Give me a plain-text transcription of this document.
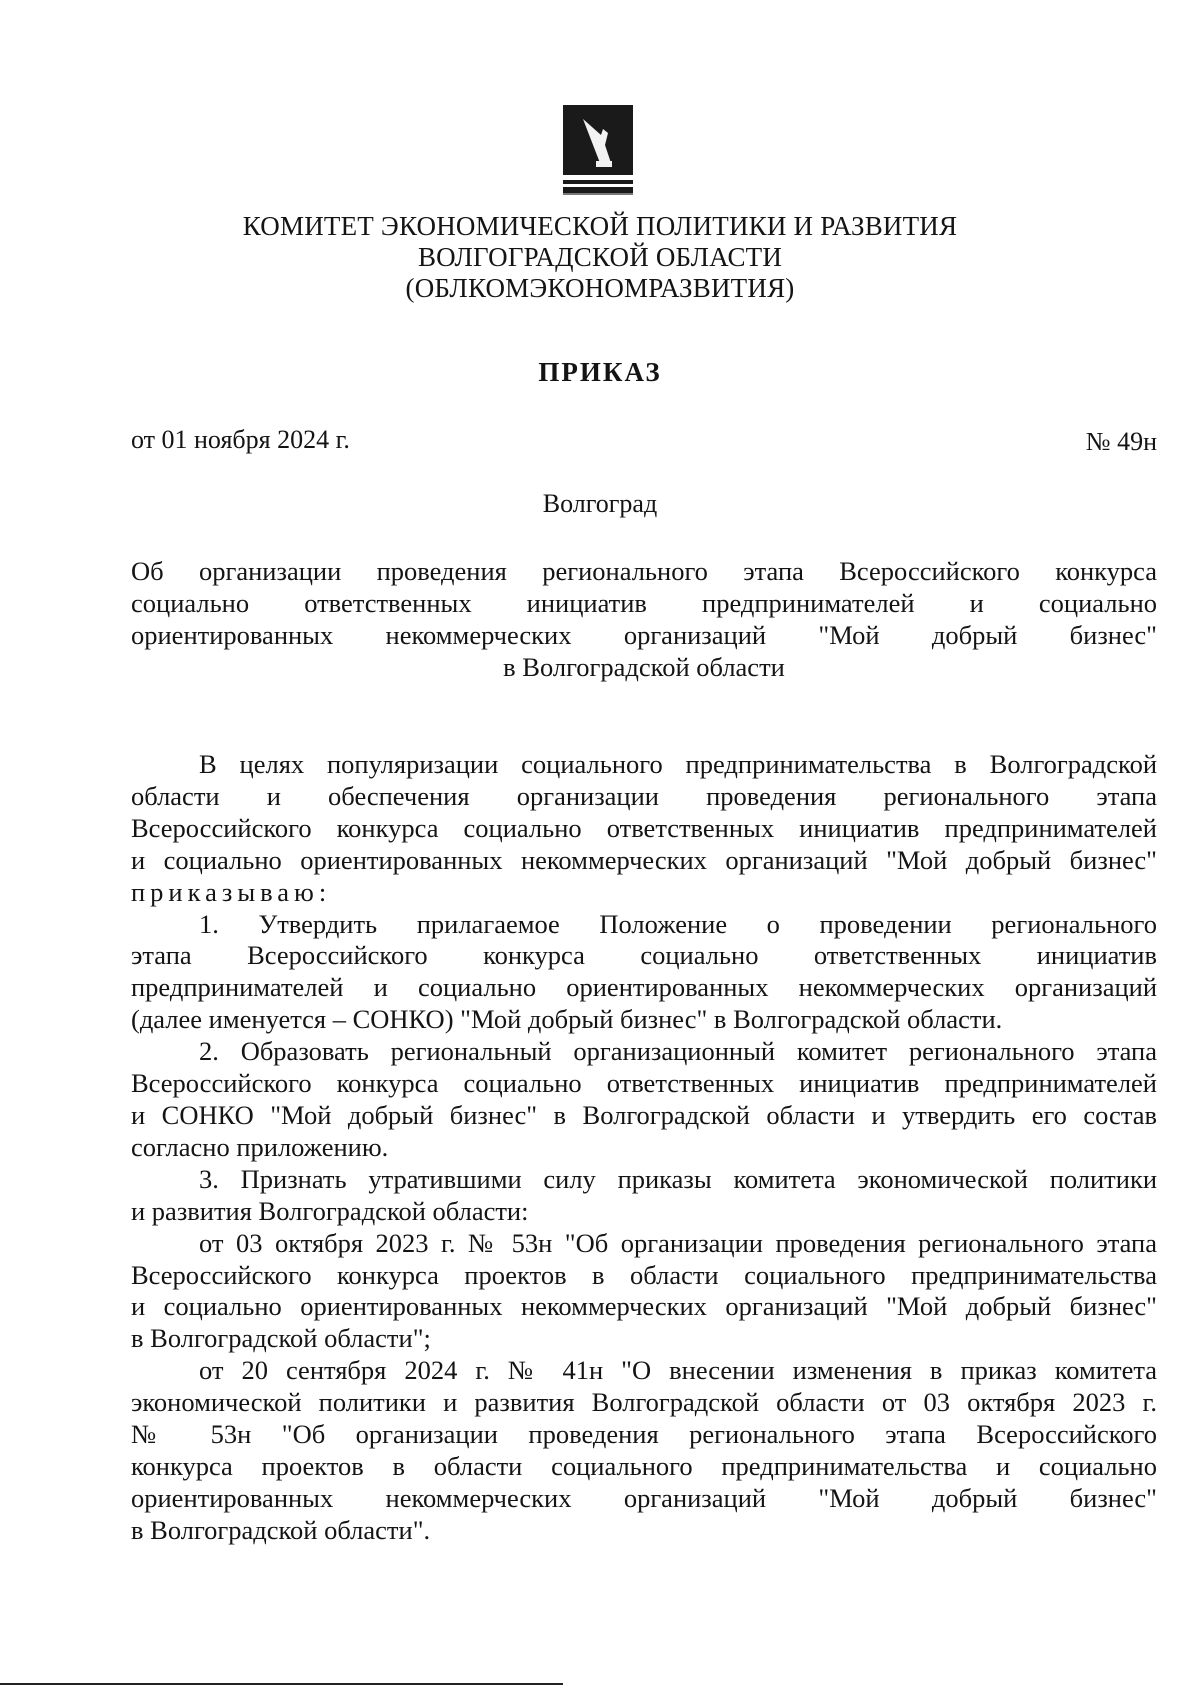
КОМИТЕТ ЭКОНОМИЧЕСКОЙ ПОЛИТИКИ И РАЗВИТИЯ
ВОЛГОГРАДСКОЙ ОБЛАСТИ
(ОБЛКОМЭКОНОМРАЗВИТИЯ)
ПРИКАЗ
от 01 ноября 2024 г.	№ 49н
Волгоград
Об организации проведения регионального этапа Всероссийского конкурса
социально ответственных инициатив предпринимателей и социально
ориентированных некоммерческих организаций "Мой добрый бизнес"
в Волгоградской области
В целях популяризации социального предпринимательства в Волгоградской
области и обеспечения организации проведения регионального этапа
Всероссийского конкурса социально ответственных инициатив предпринимателей
и социально ориентированных некоммерческих организаций "Мой добрый бизнес"
приказываю:
1. Утвердить прилагаемое Положение о проведении регионального
этапа Всероссийского конкурса социально ответственных инициатив
предпринимателей и социально ориентированных некоммерческих организаций
(далее именуется – СОНКО) "Мой добрый бизнес" в Волгоградской области.
2. Образовать региональный организационный комитет регионального этапа
Всероссийского конкурса социально ответственных инициатив предпринимателей
и СОНКО "Мой добрый бизнес" в Волгоградской области и утвердить его состав
согласно приложению.
3. Признать утратившими силу приказы комитета экономической политики
и развития Волгоградской области:
от 03 октября 2023 г. № 53н "Об организации проведения регионального этапа
Всероссийского конкурса проектов в области социального предпринимательства
и социально ориентированных некоммерческих организаций "Мой добрый бизнес"
в Волгоградской области";
от 20 сентября 2024 г. № 41н "О внесении изменения в приказ комитета
экономической политики и развития Волгоградской области от 03 октября 2023 г.
№ 53н "Об организации проведения регионального этапа Всероссийского
конкурса проектов в области социального предпринимательства и социально
ориентированных некоммерческих организаций "Мой добрый бизнес"
в Волгоградской области".
